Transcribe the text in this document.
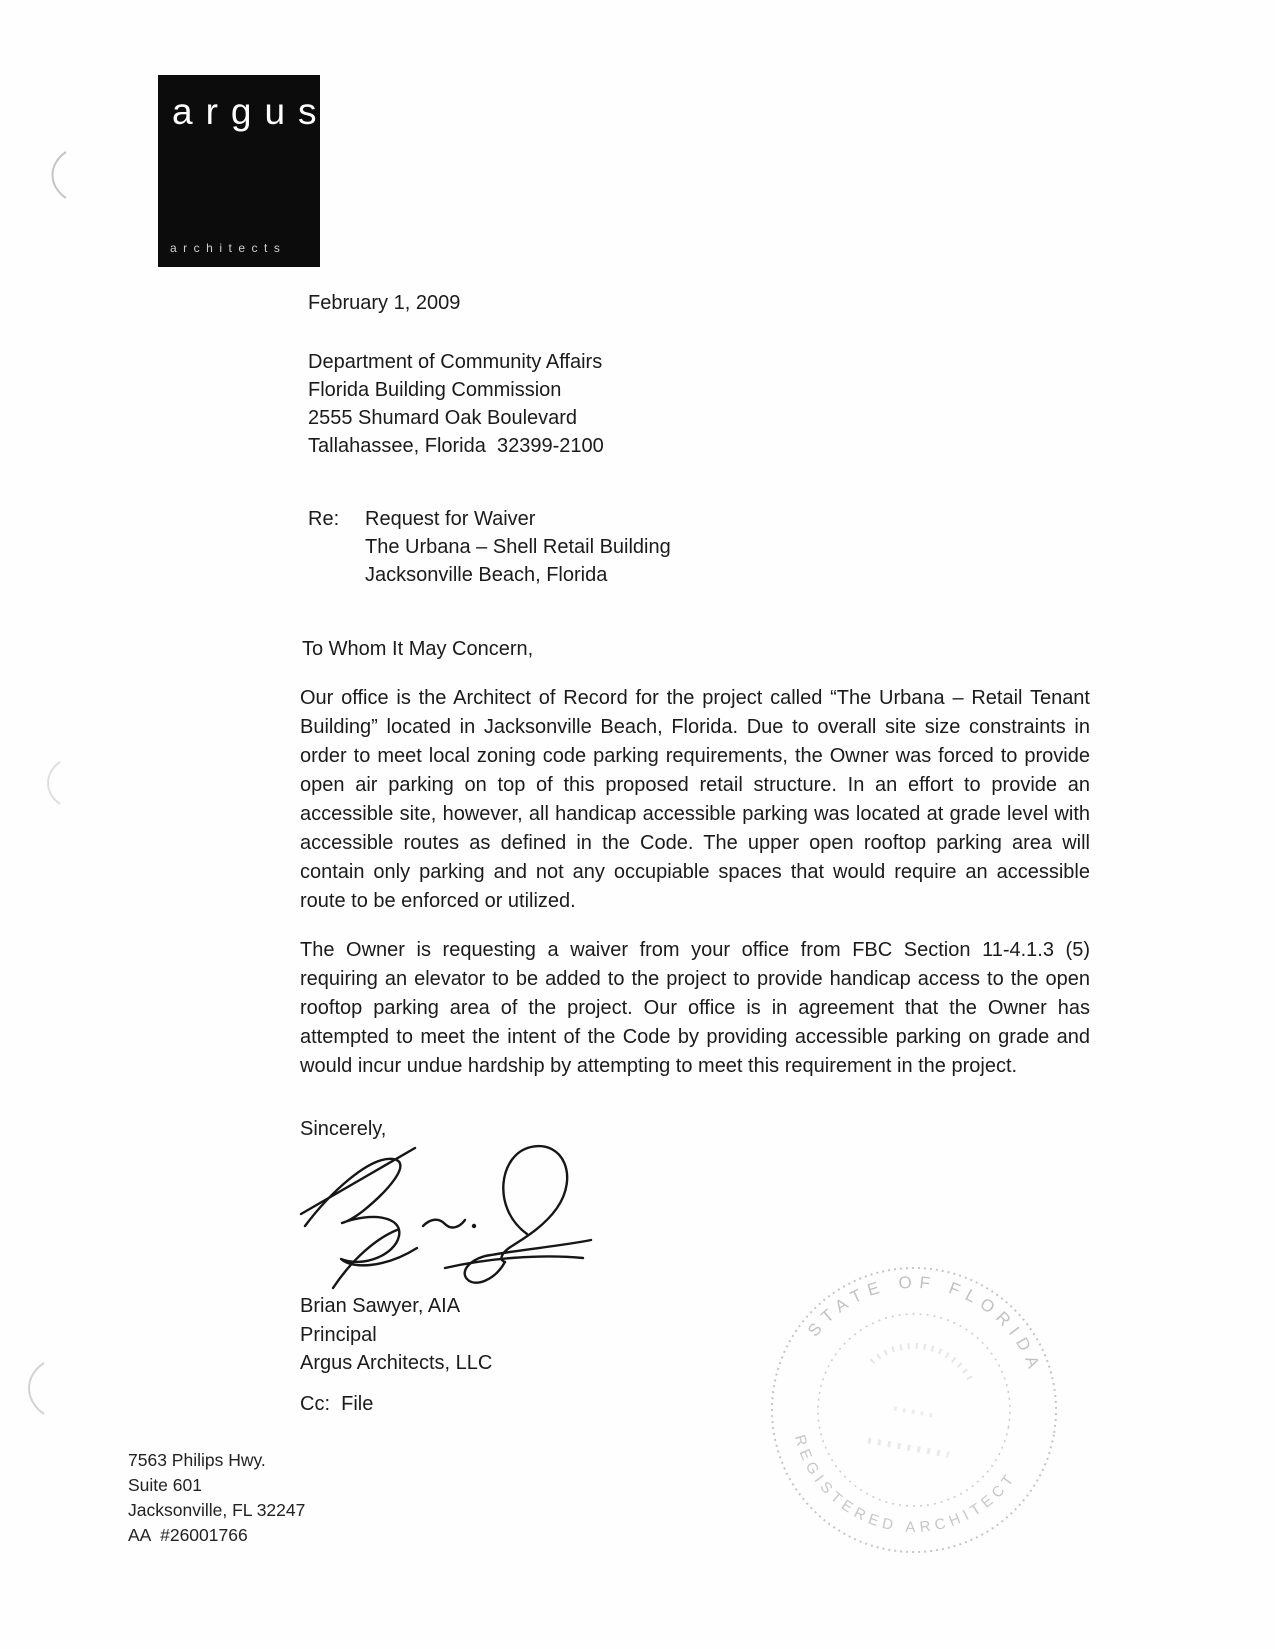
argus
architects
February 1, 2009
Department of Community Affairs
Florida Building Commission
2555 Shumard Oak Boulevard
Tallahassee, Florida  32399-2100
Re:	Request for Waiver
The Urbana – Shell Retail Building
Jacksonville Beach, Florida
To Whom It May Concern,

Our office is the Architect of Record for the project called “The Urbana – Retail Tenant Building” located in Jacksonville Beach, Florida. Due to overall site size constraints in order to meet local zoning code parking requirements, the Owner was forced to provide open air parking on top of this proposed retail structure. In an effort to provide an accessible site, however, all handicap accessible parking was located at grade level with accessible routes as defined in the Code. The upper open rooftop parking area will contain only parking and not any occupiable spaces that would require an accessible route to be enforced or utilized.

The Owner is requesting a waiver from your office from FBC Section 11-4.1.3 (5) requiring an elevator to be added to the project to provide handicap access to the open rooftop parking area of the project. Our office is in agreement that the Owner has attempted to meet the intent of the Code by providing accessible parking on grade and would incur undue hardship by attempting to meet this requirement in the project.

Sincerely,
Brian Sawyer, AIA
Principal
Argus Architects, LLC
Cc:  File
7563 Philips Hwy.
Suite 601
Jacksonville, FL 32247
AA  #26001766
STATE OF FLORIDA
REGISTERED ARCHITECT
